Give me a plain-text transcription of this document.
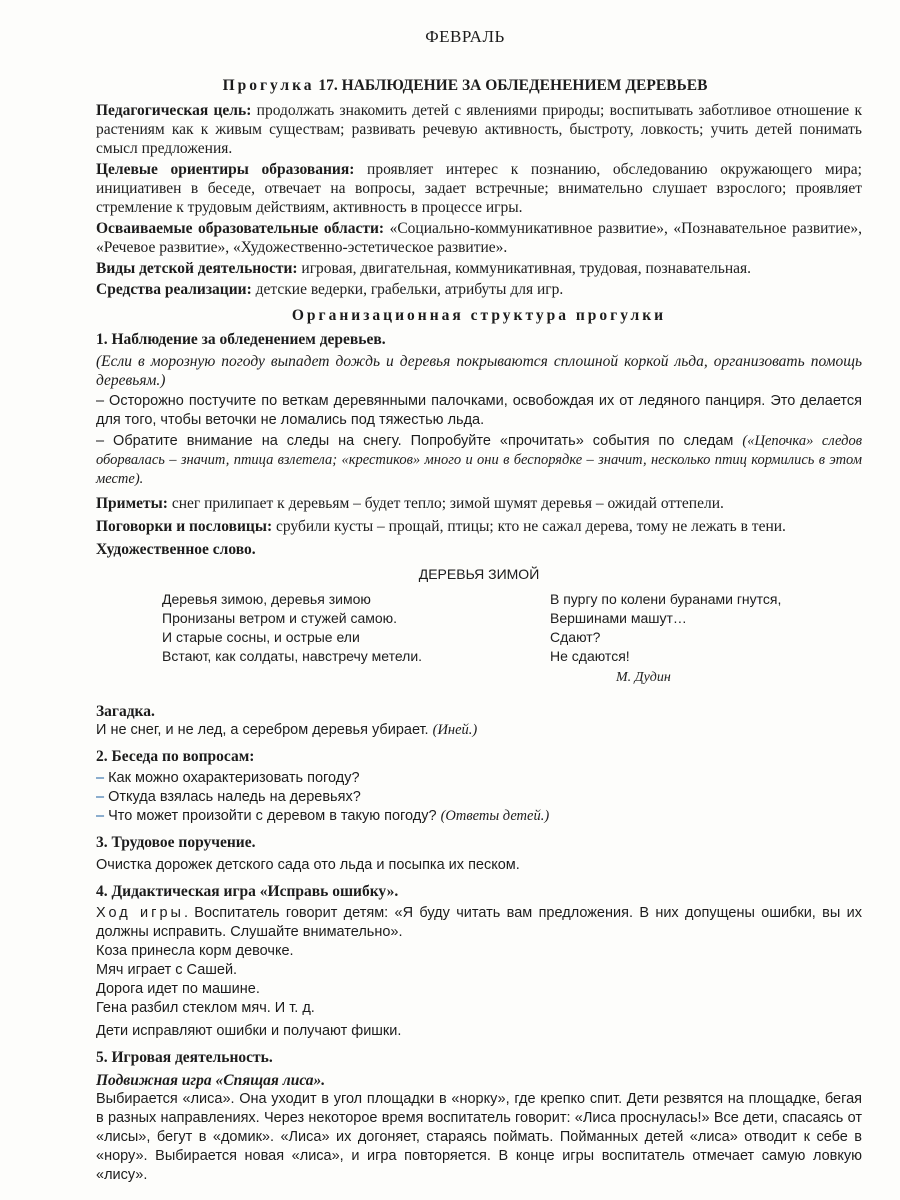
ФЕВРАЛЬ
Прогулка 17. НАБЛЮДЕНИЕ ЗА ОБЛЕДЕНЕНИЕМ ДЕРЕВЬЕВ

Педагогическая цель: продолжать знакомить детей с явлениями природы; воспитывать заботливое отношение к растениям как к живым существам; развивать речевую активность, быстроту, ловкость; учить детей понимать смысл предложения.

Целевые ориентиры образования: проявляет интерес к познанию, обследованию окружающего мира; инициативен в беседе, отвечает на вопросы, задает встречные; внимательно слушает взрослого; проявляет стремление к трудовым действиям, активность в процессе игры.

Осваиваемые образовательные области: «Социально-коммуникативное развитие», «Познавательное развитие», «Речевое развитие», «Художественно-эстетическое развитие».

Виды детской деятельности: игровая, двигательная, коммуникативная, трудовая, познавательная.

Средства реализации: детские ведерки, грабельки, атрибуты для игр.

Организационная структура прогулки
1. Наблюдение за обледенением деревьев.

(Если в морозную погоду выпадет дождь и деревья покрываются сплошной коркой льда, организовать помощь деревьям.)

– Осторожно постучите по веткам деревянными палочками, освобождая их от ледяного панциря. Это делается для того, чтобы веточки не ломались под тяжестью льда.

– Обратите внимание на следы на снегу. Попробуйте «прочитать» события по следам («Цепочка» следов оборвалась – значит, птица взлетела; «крестиков» много и они в беспорядке – значит, несколько птиц кормились в этом месте).

Приметы: снег прилипает к деревьям – будет тепло; зимой шумят деревья – ожидай оттепели.

Поговорки и пословицы: срубили кусты – прощай, птицы; кто не сажал дерева, тому не лежать в тени.

Художественное слово.

ДЕРЕВЬЯ ЗИМОЙ
Деревья зимою, деревья зимою
Пронизаны ветром и стужей самою.
И старые сосны, и острые ели
Встают, как солдаты, навстречу метели.
В пургу по колени буранами гнутся,
Вершинами машут…
Сдают?
Не сдаются!
М. Дудин

Загадка.

И не снег, и не лед, а серебром деревья убирает. (Иней.)

2. Беседа по вопросам:

– Как можно охарактеризовать погоду?

– Откуда взялась наледь на деревьях?

– Что может произойти с деревом в такую погоду? (Ответы детей.)

3. Трудовое поручение.

Очистка дорожек детского сада ото льда и посыпка их песком.

4. Дидактическая игра «Исправь ошибку».

Ход игры. Воспитатель говорит детям: «Я буду читать вам предложения. В них допущены ошибки, вы их должны исправить. Слушайте внимательно».

Коза принесла корм девочке.

Мяч играет с Сашей.

Дорога идет по машине.

Гена разбил стеклом мяч. И т. д.

Дети исправляют ошибки и получают фишки.

5. Игровая деятельность.

Подвижная игра «Спящая лиса».

Выбирается «лиса». Она уходит в угол площадки в «норку», где крепко спит. Дети резвятся на площадке, бегая в разных направлениях. Через некоторое время воспитатель говорит: «Лиса проснулась!» Все дети, спасаясь от «лисы», бегут в «домик». «Лиса» их догоняет, стараясь поймать. Пойманных детей «лиса» отводит к себе в «нору». Выбирается новая «лиса», и игра повторяется. В конце игры воспитатель отмечает самую ловкую «лису».
